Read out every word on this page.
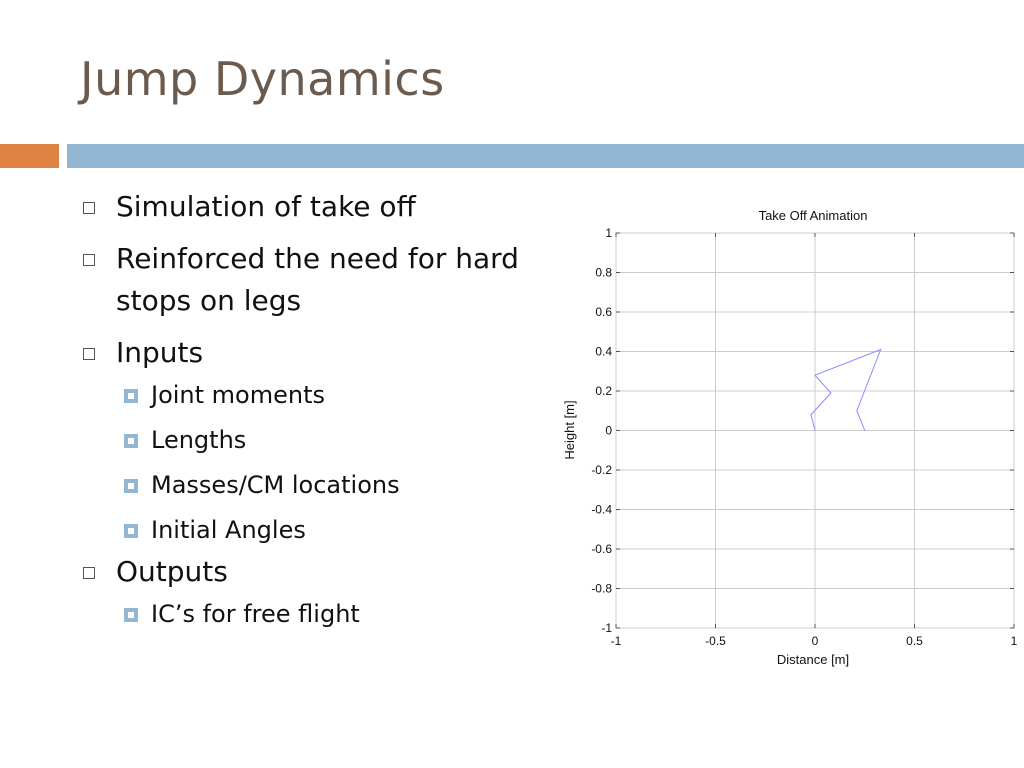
Jump Dynamics
Simulation of take off
Reinforced the need for hard stops on legs
Inputs
Joint moments
Lengths
Masses/CM locations
Initial Angles
Outputs
IC’s for free flight
Take Off Animation
-1	-0.5	0	0.5	1
1
0.8
0.6
0.4
0.2
0
-0.2
-0.4
-0.6
-0.8
-1
Distance [m]
Height [m]
